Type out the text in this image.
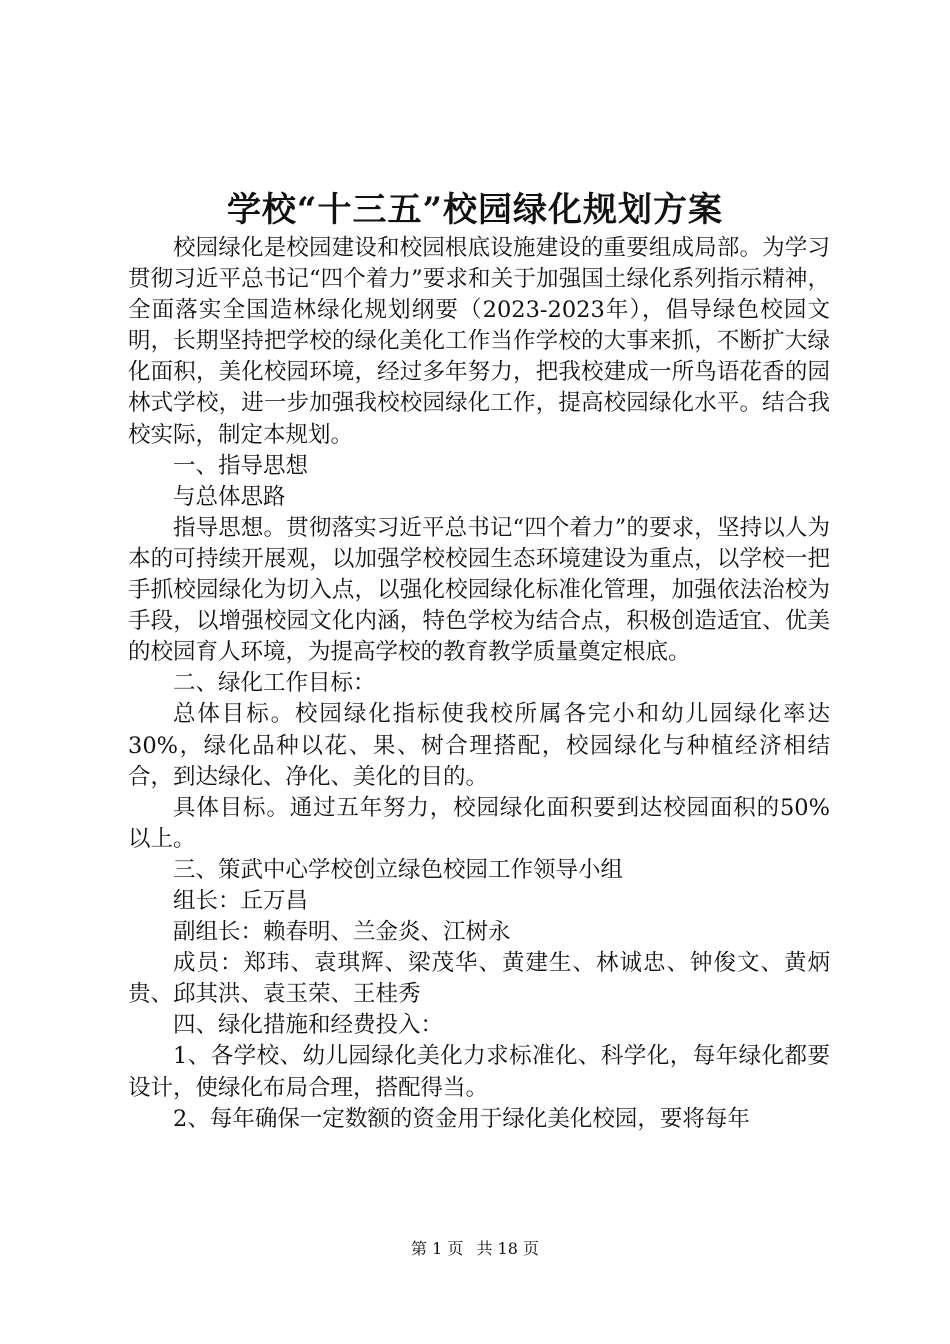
学校“十三五”校园绿化规划方案

校园绿化是校园建设和校园根底设施建设的重要组成局部。为学习贯彻习近平总书记“四个着力”要求和关于加强国土绿化系列指示精神，全面落实全国造林绿化规划纲要（2023-2023年），倡导绿色校园文明，长期坚持把学校的绿化美化工作当作学校的大事来抓，不断扩大绿化面积，美化校园环境，经过多年努力，把我校建成一所鸟语花香的园林式学校，进一步加强我校校园绿化工作，提高校园绿化水平。结合我校实际，制定本规划。

一、指导思想

与总体思路

指导思想。贯彻落实习近平总书记“四个着力”的要求，坚持以人为本的可持续开展观，以加强学校校园生态环境建设为重点，以学校一把手抓校园绿化为切入点，以强化校园绿化标准化管理，加强依法治校为手段，以增强校园文化内涵，特色学校为结合点，积极创造适宜、优美的校园育人环境，为提高学校的教育教学质量奠定根底。

二、绿化工作目标：

总体目标。校园绿化指标使我校所属各完小和幼儿园绿化率达30%，绿化品种以花、果、树合理搭配，校园绿化与种植经济相结合，到达绿化、净化、美化的目的。

具体目标。通过五年努力，校园绿化面积要到达校园面积的50%以上。

三、策武中心学校创立绿色校园工作领导小组

组长：丘万昌

副组长：赖春明、兰金炎、江树永

成员：郑玮、袁琪辉、梁茂华、黄建生、林诚忠、钟俊文、黄炳贵、邱其洪、袁玉荣、王桂秀

四、绿化措施和经费投入：

1、各学校、幼儿园绿化美化力求标准化、科学化，每年绿化都要设计，使绿化布局合理，搭配得当。

2、每年确保一定数额的资金用于绿化美化校园，要将每年

第 1 页 共 18 页
